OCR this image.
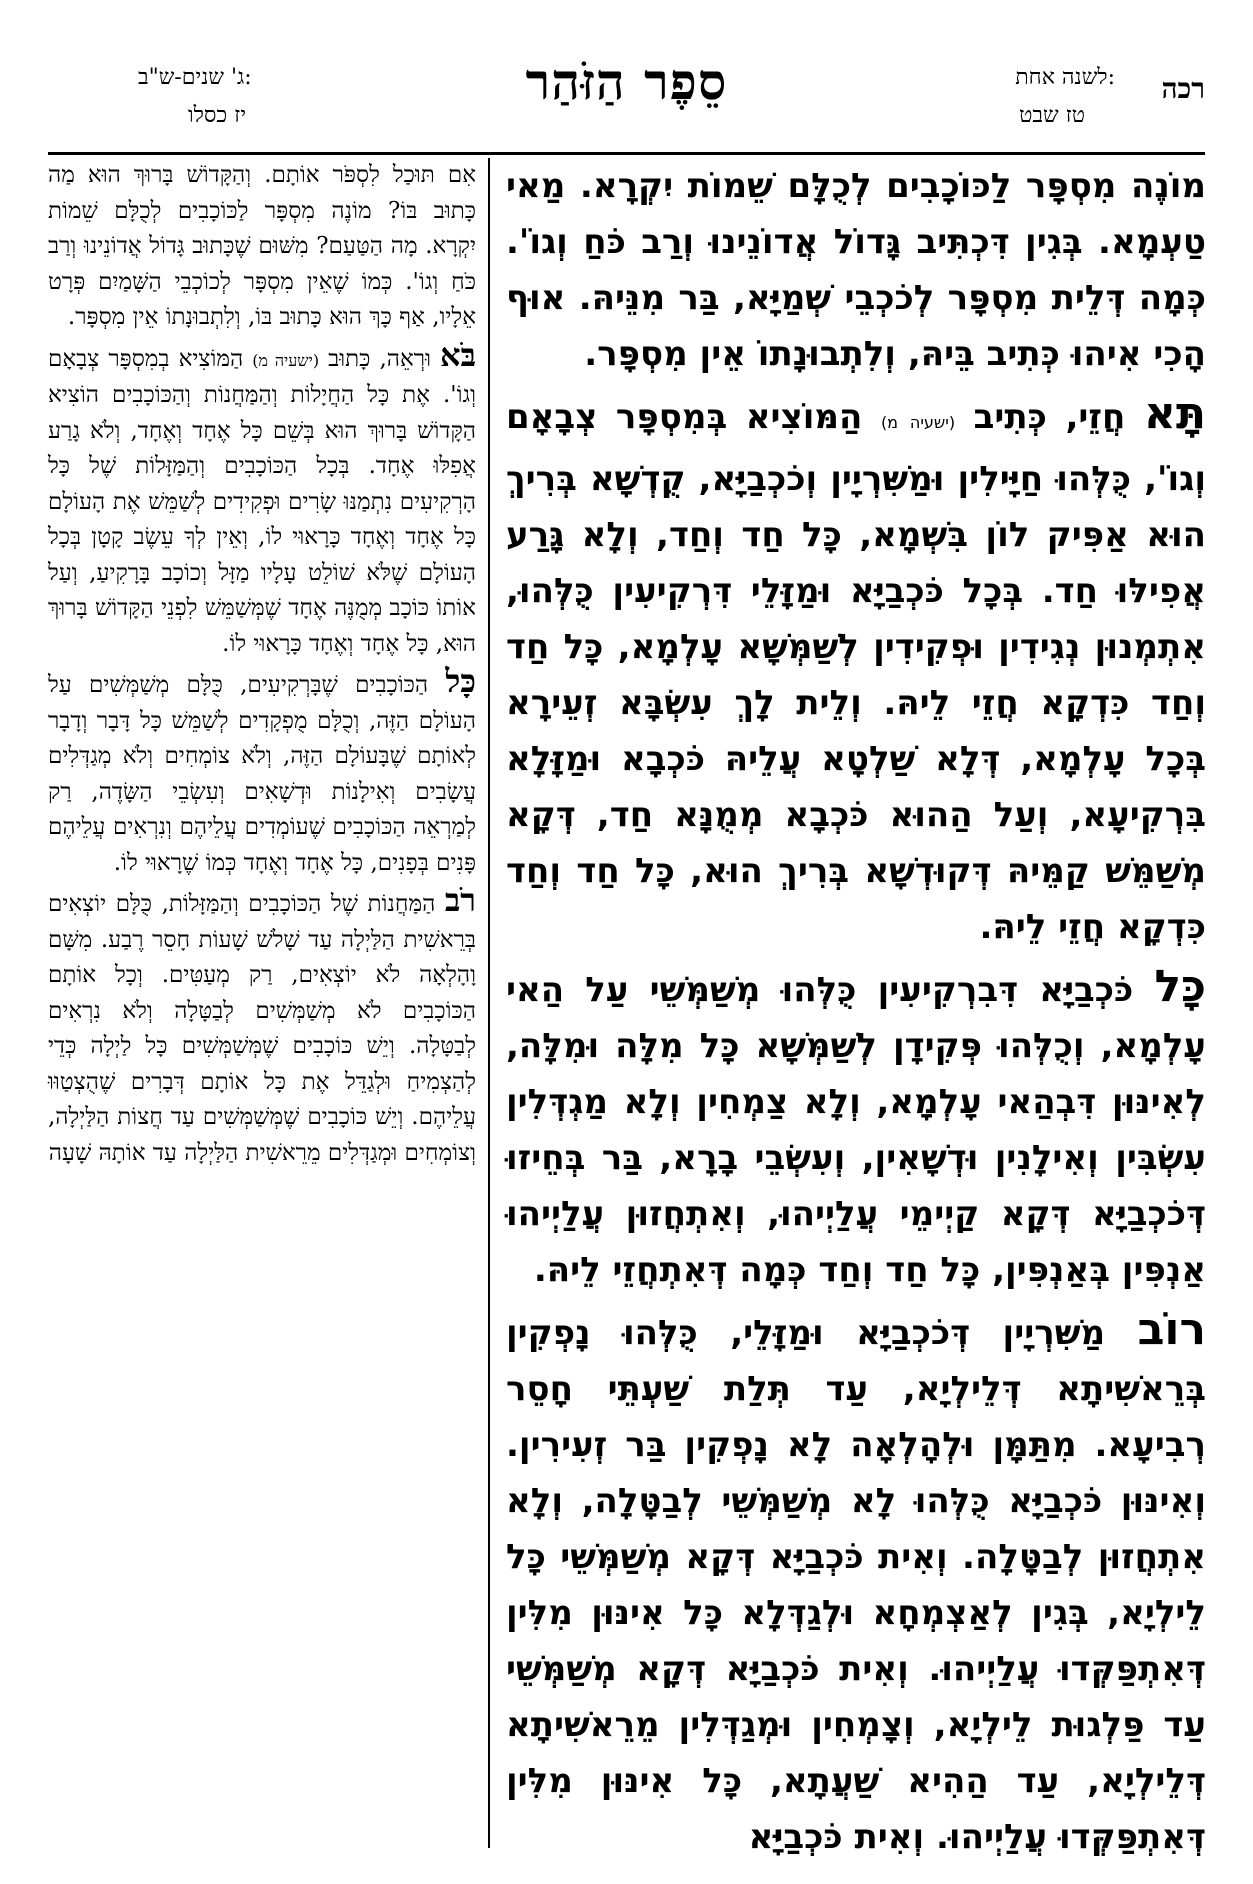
רכה
לשנה אחת:
טז שבט
סֵפֶר הַזֹּהַר
ג' שנים-ש"ב:
יז כסלו

מוֹנֶה מִסְפָּר לַכּוֹכָבִים לְכֻלָּם שֵׁמוֹת יִקְרָא. מַאי טַעְמָא. בְּגִין דִּכְתִּיב גָּדוֹל אֲדוֹנֵינוּ וְרַב כֹּחַ וְגוֹ'. כְּמָה דְּלֵית מִסְפָּר לְכֹכְבֵי שְׁמַיָּא, בַּר מִנֵּיהּ. אוּף הָכִי אִיהוּ כְּתִיב בֵּיהּ, וְלִתְבוּנָתוֹ אֵין מִסְפָּר.

תָּא חֲזֵי, כְּתִיב (ישעיה מ) הַמּוֹצִיא בְּמִסְפָּר צְבָאָם וְגוֹ', כֻּלְּהוּ חַיָּילִין וּמַשִּׁרְיָין וְכֹכְבַיָּא, קֻדְשָׁא בְּרִיךְ הוּא אַפִּיק לוֹן בִּשְׁמָא, כָּל חַד וְחַד, וְלָא גָּרַע אֲפִילּוּ חַד. בְּכָל כֹּכְבַיָּא וּמַזָּלֵי דִּרְקִיעִין כֻּלְּהוּ, אִתְמְנוּן נְגִידִין וּפְקִידִין לְשַׁמְּשָׁא עָלְמָא, כָּל חַד וְחַד כִּדְקָא חֲזֵי לֵיהּ. וְלֵית לָךְ עִשְׂבָּא זְעֵירָא בְּכָל עָלְמָא, דְּלָא שַׁלְטָא עֲלֵיהּ כֹּכְבָא וּמַזָּלָא בִּרְקִיעָא, וְעַל הַהוּא כֹּכְבָא מְמֻנָּא חַד, דְּקָא מְשַׁמֵּשׁ קַמֵּיהּ דְּקוּדְשָׁא בְּרִיךְ הוּא, כָּל חַד וְחַד כִּדְקָא חֲזֵי לֵיהּ.

כָּל כֹּכְבַיָּא דִּבִרְקִיעִין כֻּלְּהוּ מְשַׁמְּשֵׁי עַל הַאי עָלְמָא, וְכֻלְּהוּ פְּקִידָן לְשַׁמְּשָׁא כָּל מִלָּה וּמִלָּה, לְאִינּוּן דִּבְהַאי עָלְמָא, וְלָא צַמְחִין וְלָא מַגְדְּלִין עִשְׂבִּין וְאִילָנִין וּדְשָׁאִין, וְעִשְׂבֵי בָרָא, בַּר בְּחֵיזוּ דְּכֹכְבַיָּא דְּקָא קַיְימֵי עֲלַיְיהוּ, וְאִתְחֲזוּן עֲלַיְיהוּ אַנְפִּין בְּאַנְפִּין, כָּל חַד וְחַד כְּמָה דְּאִתְחֲזֵי לֵיהּ.

רוֹב מַשִּׁרְיָין דְּכֹכְבַיָּא וּמַזָּלֵי, כֻּלְּהוּ נָפְקִין בְּרֵאשִׁיתָא דְּלֵילְיָא, עַד תְּלַת שַׁעְתֵּי חָסֵר רְבִיעָא. מִתַּמָּן וּלְהָלְאָה לָא נָפְקִין בַּר זְעִירִין. וְאִינּוּן כֹּכְבַיָּא כֻּלְּהוּ לָא מְשַׁמְּשֵׁי לְבַטָּלָה, וְלָא אִתְחֲזוּן לְבַטָּלָה. וְאִית כֹּכְבַיָּא דְּקָא מְשַׁמְּשֵׁי כָּל לֵילְיָא, בְּגִין לְאַצְמְחָא וּלְגַדְּלָא כָּל אִינּוּן מִלִּין דְּאִתְפַּקְּדוּ עֲלַיְיהוּ. וְאִית כֹּכְבַיָּא דְּקָא מְשַׁמְּשֵׁי עַד פַּלְגוּת לֵילְיָא, וְצָמְחִין וּמְגַדְּלִין מֵרֵאשִׁיתָא דְּלֵילְיָא, עַד הַהִיא שַׁעֲתָא, כָּל אִינּוּן מִלִּין דְּאִתְפַּקְּדוּ עֲלַיְיהוּ. וְאִית כֹּכְבַיָּא

אִם תּוּכַל לִסְפֹּר אוֹתָם. וְהַקָּדוֹשׁ בָּרוּךְ הוּא מַה כָּתוּב בּוֹ? מוֹנֶה מִסְפָּר לַכּוֹכָבִים לְכֻלָּם שֵׁמוֹת יִקְרָא. מָה הַטַּעַם? מִשּׁוּם שֶׁכָּתוּב גָּדוֹל אֲדוֹנֵינוּ וְרַב כֹּחַ וְגוֹ'. כְּמוֹ שֶׁאֵין מִסְפָּר לְכוֹכְבֵי הַשָּׁמַיִם פְּרָט אֵלָיו, אַף כָּךְ הוּא כָּתוּב בּוֹ, וְלִתְבוּנָתוֹ אֵין מִסְפָּר.

בֹּא וּרְאֵה, כָּתוּב (ישעיה מ) הַמּוֹצִיא בְמִסְפָּר צְבָאָם וְגוֹ'. אֶת כָּל הַחֲיָלוֹת וְהַמַּחֲנוֹת וְהַכּוֹכָבִים הוֹצִיא הַקָּדוֹשׁ בָּרוּךְ הוּא בְּשֵׁם כָּל אֶחָד וְאֶחָד, וְלֹא גָרַע אֲפִלּוּ אֶחָד. בְּכָל הַכּוֹכָבִים וְהַמַּזָּלוֹת שֶׁל כָּל הָרְקִיעִים נִתְמַנּוּ שָׂרִים וּפְקִידִים לְשַׁמֵּשׁ אֶת הָעוֹלָם כָּל אֶחָד וְאֶחָד כָּרָאוּי לוֹ, וְאֵין לְךָ עֵשֶׂב קָטָן בְּכָל הָעוֹלָם שֶׁלֹּא שׁוֹלֵט עָלָיו מַזָּל וְכוֹכָב בָּרָקִיעַ, וְעַל אוֹתוֹ כּוֹכָב מְמֻנֶּה אֶחָד שֶׁמְּשַׁמֵּשׁ לִפְנֵי הַקָּדוֹשׁ בָּרוּךְ הוּא, כָּל אֶחָד וְאֶחָד כָּרָאוּי לוֹ.

כָּל הַכּוֹכָבִים שֶׁבָּרְקִיעִים, כֻּלָּם מְשַׁמְּשִׁים עַל הָעוֹלָם הַזֶּה, וְכֻלָּם מֻפְקָדִים לְשַׁמֵּשׁ כָּל דָּבָר וְדָבָר לְאוֹתָם שֶׁבָּעוֹלָם הַזֶּה, וְלֹא צוֹמְחִים וְלֹא מְגַדְּלִים עֲשָׂבִים וְאִילָנוֹת וּדְשָׁאִים וְעִשְׂבֵי הַשָּׂדֶה, רַק לְמַרְאֵה הַכּוֹכָבִים שֶׁעוֹמְדִים עֲלֵיהֶם וְנִרְאִים עֲלֵיהֶם פָּנִים בְּפָנִים, כָּל אֶחָד וְאֶחָד כְּמוֹ שֶׁרָאוּי לוֹ.

רֹב הַמַּחֲנוֹת שֶׁל הַכּוֹכָבִים וְהַמַּזָּלוֹת, כֻּלָּם יוֹצְאִים בְּרֵאשִׁית הַלַּיְלָה עַד שָׁלֹשׁ שָׁעוֹת חָסֵר רֶבַע. מִשָּׁם וָהָלְאָה לֹא יוֹצְאִים, רַק מְעַטִּים. וְכָל אוֹתָם הַכּוֹכָבִים לֹא מְשַׁמְּשִׁים לְבַטָּלָה וְלֹא נִרְאִים לְבַטָּלָה. וְיֵשׁ כּוֹכָבִים שֶׁמְּשַׁמְּשִׁים כָּל לַיְלָה כְּדֵי לְהַצְמִיחַ וּלְגַדֵּל אֶת כָּל אוֹתָם דְּבָרִים שֶׁהֻצְטַוּוּ עֲלֵיהֶם. וְיֵשׁ כּוֹכָבִים שֶׁמְּשַׁמְּשִׁים עַד חֲצוֹת הַלַּיְלָה, וְצוֹמְחִים וּמְגַדְּלִים מֵרֵאשִׁית הַלַּיְלָה עַד אוֹתָהּ שָׁעָה
